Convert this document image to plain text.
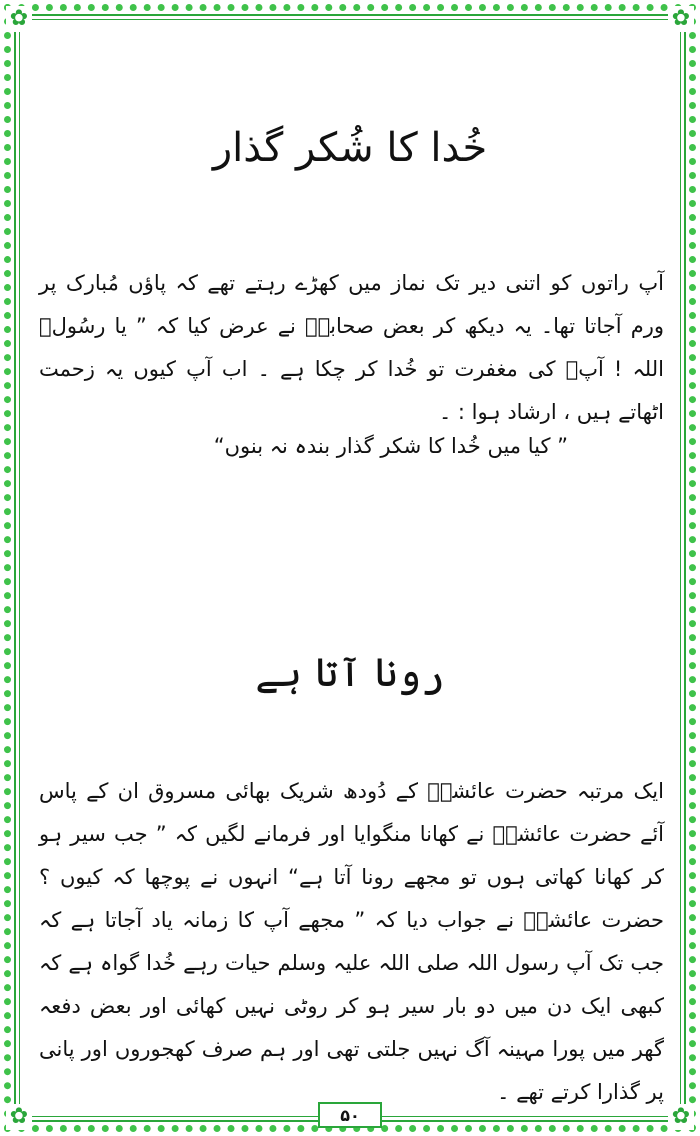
✿	✿
✿	✿
خُدا کا شُکر گذار
آپ راتوں کو اتنی دیر تک نماز میں کھڑے رہتے تھے کہ پاؤں مُبارک پر ورم آجاتا تھا۔ یہ دیکھ کر بعض صحابہؓ نے عرض کیا کہ ” یا رسُولؐ اللہ ! آپؐ کی مغفرت تو خُدا کر چکا ہے ۔ اب آپ کیوں یہ زحمت اٹھاتے ہیں ، ارشاد ہوا : ۔
” کیا میں خُدا کا شکر گذار بندہ نہ بنوں“
رونا آتا ہے
ایک مرتبہ حضرت عائشہؓ کے دُودھ شریک بھائی مسروق ان کے پاس آئے حضرت عائشہؓ نے کھانا منگوایا اور فرمانے لگیں کہ ” جب سیر ہو کر کھانا کھاتی ہوں تو مجھے رونا آتا ہے“ انہوں نے پوچھا کہ کیوں ؟ حضرت عائشہؓ نے جواب دیا کہ ” مجھے آپ کا زمانہ یاد آجاتا ہے کہ جب تک آپ رسول اللہ صلی اللہ علیہ وسلم حیات رہے خُدا گواہ ہے کہ کبھی ایک دن میں دو بار سیر ہو کر روٹی نہیں کھائی اور بعض دفعہ گھر میں پورا مہینہ آگ نہیں جلتی تھی اور ہم صرف کھجوروں اور پانی پر گذارا کرتے تھے ۔
۵۰
